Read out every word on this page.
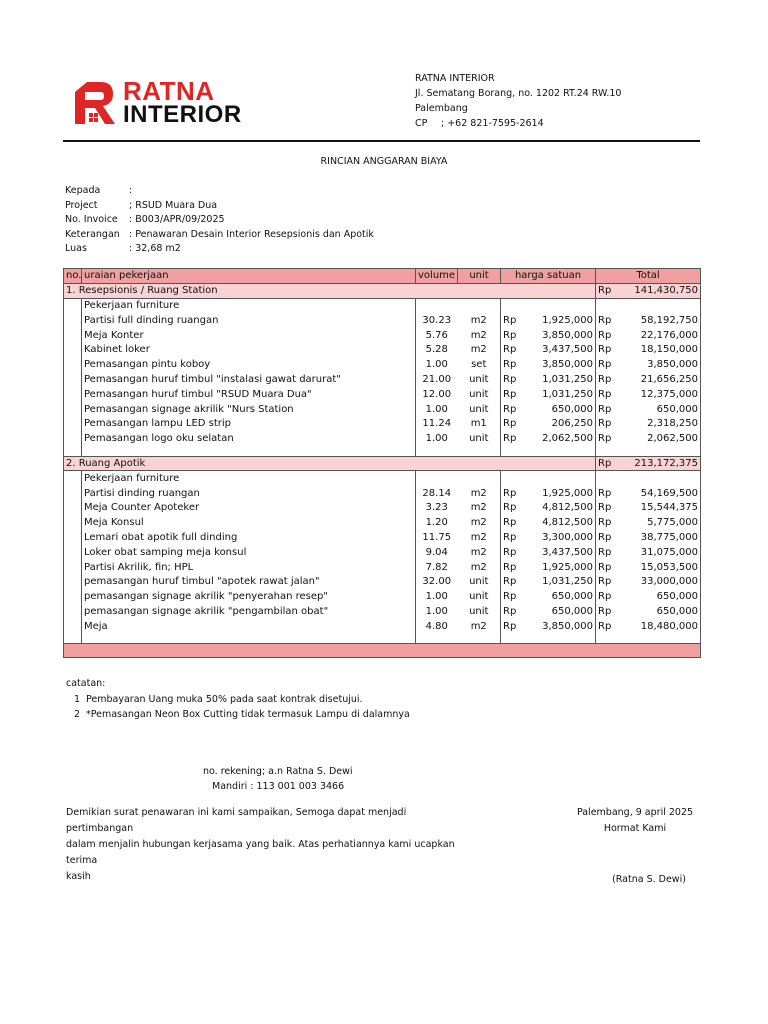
RATNA
INTERIOR
RATNA INTERIOR
Jl. Sematang Borang, no. 1202 RT.24 RW.10
Palembang
CP ; +62 821-7595-2614
RINCIAN ANGGARAN BIAYA
Kepada	:
Project	; RSUD Muara Dua
No. Invoice	: B003/APR/09/2025
Keterangan : Penawaran Desain Interior Resepsionis dan Apotik
Luas	: 32,68 m2
no.	uraian pekerjaan	volume	unit	harga satuan		Total	
1. Resepsionis / Ruang Station						Rp	141,430,750
	Pekerjaan furniture						
	Partisi full dinding ruangan	30.23	m2	Rp	1,925,000	Rp	58,192,750
	Meja Konter	5.76	m2	Rp	3,850,000	Rp	22,176,000
	Kabinet loker	5.28	m2	Rp	3,437,500	Rp	18,150,000
	Pemasangan pintu koboy	1.00	set	Rp	3,850,000	Rp	3,850,000
	Pemasangan huruf timbul "instalasi gawat darurat"	21.00	unit	Rp	1,031,250	Rp	21,656,250
	Pemasangan huruf timbul "RSUD Muara Dua"	12.00	unit	Rp	1,031,250	Rp	12,375,000
	Pemasangan signage akrilik "Nurs Station	1.00	unit	Rp	650,000	Rp	650,000
	Pemasangan lampu LED strip	11.24	m1	Rp	206,250	Rp	2,318,250
	Pemasangan logo oku selatan	1.00	unit	Rp	2,062,500	Rp	2,062,500

2. Ruang Apotik						Rp	213,172,375
	Pekerjaan furniture						
	Partisi dinding ruangan	28.14	m2	Rp	1,925,000	Rp	54,169,500
	Meja Counter Apoteker	3.23	m2	Rp	4,812,500	Rp	15,544,375
	Meja Konsul	1.20	m2	Rp	4,812,500	Rp	5,775,000
	Lemari obat apotik full dinding	11.75	m2	Rp	3,300,000	Rp	38,775,000
	Loker obat samping meja konsul	9.04	m2	Rp	3,437,500	Rp	31,075,000
	Partisi Akrilik, fin; HPL	7.82	m2	Rp	1,925,000	Rp	15,053,500
	pemasangan huruf timbul "apotek rawat jalan"	32.00	unit	Rp	1,031,250	Rp	33,000,000
	pemasangan signage akrilik "penyerahan resep"	1.00	unit	Rp	650,000	Rp	650,000
	pemasangan signage akrilik "pengambilan obat"	1.00	unit	Rp	650,000	Rp	650,000
	Meja	4.80	m2	Rp	3,850,000	Rp	18,480,000

catatan:
1 Pembayaran Uang muka 50% pada saat kontrak disetujui.
2 *Pemasangan Neon Box Cutting tidak termasuk Lampu di dalamnya
no. rekening; a.n Ratna S. Dewi
Mandiri : 113 001 003 3466
Demikian surat penawaran ini kami sampaikan, Semoga dapat menjadi pertimbangan
dalam menjalin hubungan kerjasama yang baik. Atas perhatiannya kami ucapkan terima
kasih
Palembang, 9 april 2025
Hormat Kami
(Ratna S. Dewi)
